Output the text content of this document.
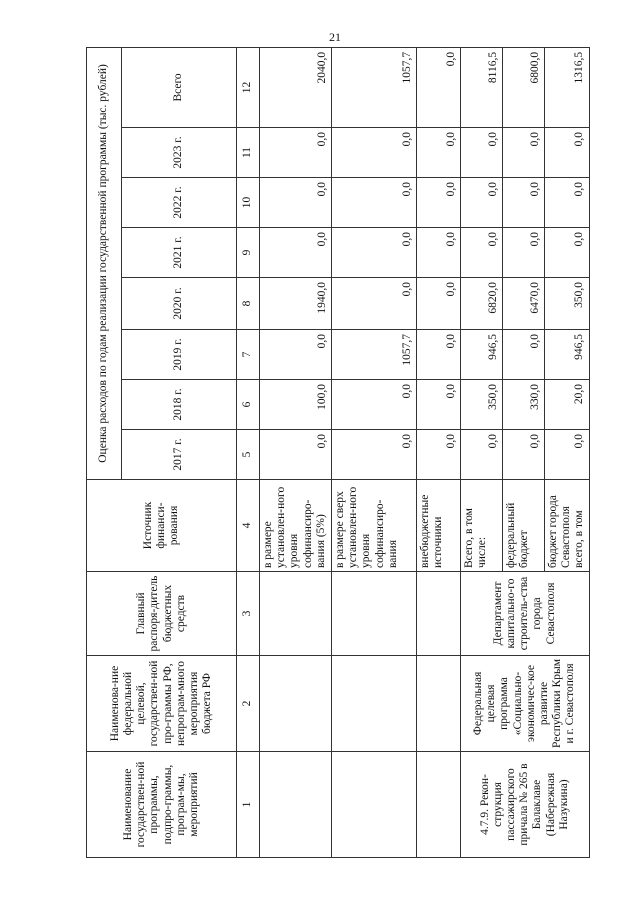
21
Наименование государствен-ной программы, подпро-граммы, програм-мы, мероприятий	Наименова-ние федеральной целевой, государствен-ной про-граммы РФ, непрограм-много мероприятия бюджета РФ	Главный распоря-дитель бюджетных средств	Источник финанси-рования	Оценка расходов по годам реализации государственной программы (тыс. рублей)							
				2017 г.	2018 г.	2019 г.	2020 г.	2021 г.	2022 г.	2023 г.	Всего
1	2	3	4	5	6	7	8	9	10	11	12
			в размере установлен-ного уровня софинансиро-вания (5%)	0,0	100,0	0,0	1940,0	0,0	0,0	0,0	2040,0
			в размере сверх установлен-ного уровня софинансиро-вания	0,0	0,0	1057,7	0,0	0,0	0,0	0,0	1057,7
			внебюджетные источники	0,0	0,0	0,0	0,0	0,0	0,0	0,0	0,0
4.7.9. Рекон-струкция пассажирского причала № 265 в Балаклаве (Набережная Назукина)	Федеральная целевая программа «Социально-экономичес-кое развитие Республики Крым и г. Севастополя	Департамент капитально-го строитель-ства города Севастополя	Всего, в том числе:	0,0	350,0	946,5	6820,0	0,0	0,0	0,0	8116,5
			федеральный бюджет	0,0	330,0	0,0	6470,0	0,0	0,0	0,0	6800,0
			бюджет города Севастополя всего, в том	0,0	20,0	946,5	350,0	0,0	0,0	0,0	1316,5
